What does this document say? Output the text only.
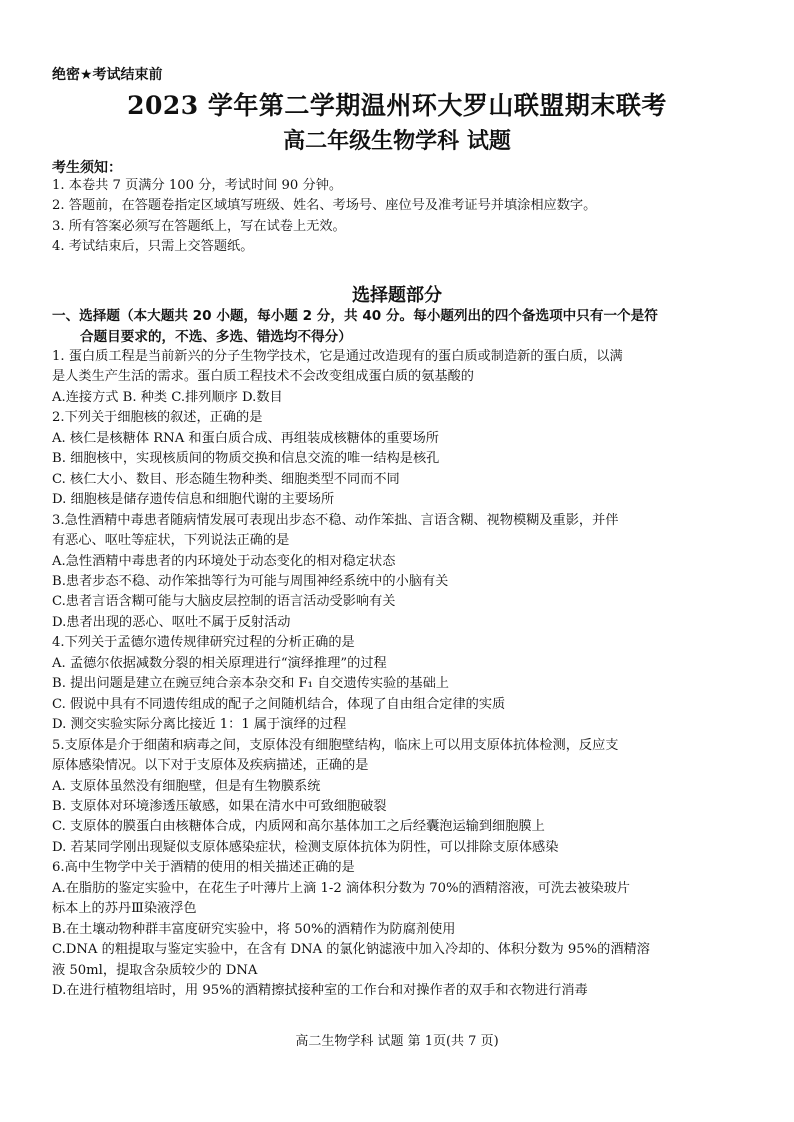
绝密★考试结束前
2023 学年第二学期温州环大罗山联盟期末联考
高二年级生物学科 试题
考生须知：
1. 本卷共 7 页满分 100 分，考试时间 90 分钟。
2. 答题前，在答题卷指定区域填写班级、姓名、考场号、座位号及准考证号并填涂相应数字。
3. 所有答案必须写在答题纸上，写在试卷上无效。
4. 考试结束后，只需上交答题纸。
选择题部分
一、选择题（本大题共 20 小题，每小题 2 分，共 40 分。每小题列出的四个备选项中只有一个是符
合题目要求的，不选、多选、错选均不得分）
1. 蛋白质工程是当前新兴的分子生物学技术，它是通过改造现有的蛋白质或制造新的蛋白质，以满
是人类生产生活的需求。蛋白质工程技术不会改变组成蛋白质的氨基酸的
A.连接方式 B. 种类 C.排列顺序 D.数目
2.下列关于细胞核的叙述，正确的是
A. 核仁是核糖体 RNA 和蛋白质合成、再组装成核糖体的重要场所
B. 细胞核中，实现核质间的物质交换和信息交流的唯一结构是核孔
C. 核仁大小、数目、形态随生物种类、细胞类型不同而不同
D. 细胞核是储存遗传信息和细胞代谢的主要场所
3.急性酒精中毒患者随病情发展可表现出步态不稳、动作笨拙、言语含糊、视物模糊及重影，并伴
有恶心、呕吐等症状，下列说法正确的是
A.急性酒精中毒患者的内环境处于动态变化的相对稳定状态
B.患者步态不稳、动作笨拙等行为可能与周围神经系统中的小脑有关
C.患者言语含糊可能与大脑皮层控制的语言活动受影响有关
D.患者出现的恶心、呕吐不属于反射活动
4.下列关于孟德尔遗传规律研究过程的分析正确的是
A. 孟德尔依据减数分裂的相关原理进行“演绎推理”的过程
B. 提出问题是建立在豌豆纯合亲本杂交和 F₁ 自交遗传实验的基础上
C. 假说中具有不同遗传组成的配子之间随机结合，体现了自由组合定律的实质
D. 测交实验实际分离比接近 1：1 属于演绎的过程
5.支原体是介于细菌和病毒之间，支原体没有细胞壁结构，临床上可以用支原体抗体检测，反应支
原体感染情况。以下对于支原体及疾病描述，正确的是
A. 支原体虽然没有细胞壁，但是有生物膜系统
B. 支原体对环境渗透压敏感，如果在清水中可致细胞破裂
C. 支原体的膜蛋白由核糖体合成，内质网和高尔基体加工之后经囊泡运输到细胞膜上
D. 若某同学刚出现疑似支原体感染症状，检测支原体抗体为阴性，可以排除支原体感染
6.高中生物学中关于酒精的使用的相关描述正确的是
A.在脂肪的鉴定实验中，在花生子叶薄片上滴 1-2 滴体积分数为 70%的酒精溶液，可洗去被染玻片
标本上的苏丹Ⅲ染液浮色
B.在土壤动物种群丰富度研究实验中，将 50%的酒精作为防腐剂使用
C.DNA 的粗提取与鉴定实验中，在含有 DNA 的氯化钠滤液中加入冷却的、体积分数为 95%的酒精溶
液 50ml，提取含杂质较少的 DNA
D.在进行植物组培时，用 95%的酒精擦拭接种室的工作台和对操作者的双手和衣物进行消毒
高二生物学科 试题 第 1页(共 7 页)
